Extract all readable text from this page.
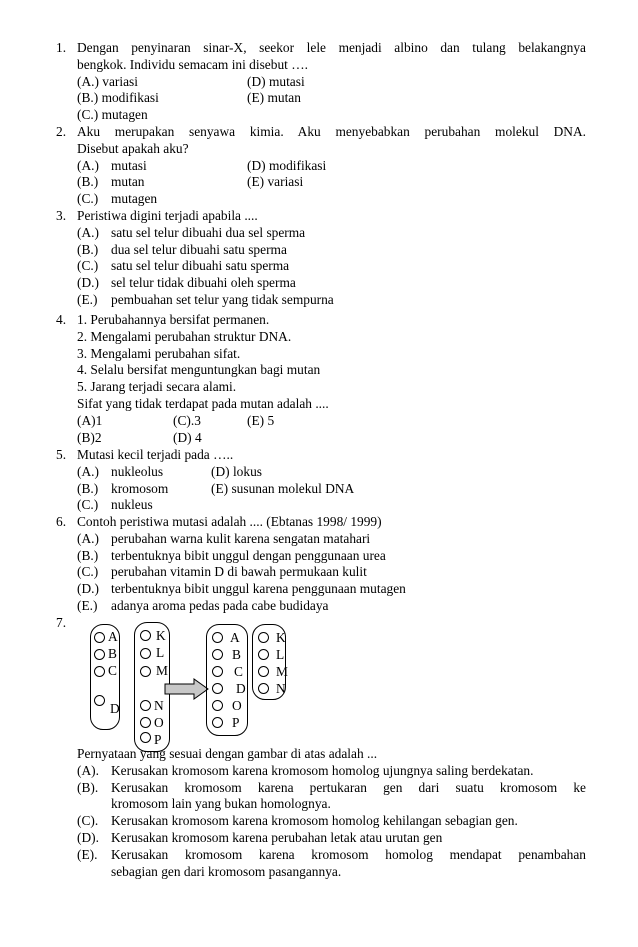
1. Dengan penyinaran sinar-X, seekor lele menjadi albino dan tulang belakangnya
bengkok. Individu semacam ini disebut ….
(A.) variasi	(D) mutasi
(B.) modifikasi	(E) mutan
(C.) mutagen
2. Aku merupakan senyawa kimia. Aku menyebabkan perubahan molekul DNA.
Disebut apakah aku?
(A.) mutasi	(D) modifikasi
(B.) mutan	(E) variasi
(C.) mutagen
3. Peristiwa digini terjadi apabila ....
(A.) satu sel telur dibuahi dua sel sperma
(B.) dua sel telur dibuahi satu sperma
(C.) satu sel telur dibuahi satu sperma
(D.) sel telur tidak dibuahi oleh sperma
(E.) pembuahan set telur yang tidak sempurna
4. 1. Perubahannya bersifat permanen.
2. Mengalami perubahan struktur DNA.
3. Mengalami perubahan sifat.
4. Selalu bersifat menguntungkan bagi mutan
5. Jarang terjadi secara alami.
Sifat yang tidak terdapat pada mutan adalah ....
(A)1	(C).3	(E) 5
(B)2	(D) 4
5. Mutasi kecil terjadi pada …..
(A.) nukleolus	(D) lokus
(B.) kromosom	(E) susunan molekul DNA
(C.) nukleus
6. Contoh peristiwa mutasi adalah .... (Ebtanas 1998/ 1999)
(A.) perubahan warna kulit karena sengatan matahari
(B.) terbentuknya bibit unggul dengan penggunaan urea
(C.) perubahan vitamin D di bawah permukaan kulit
(D.) terbentuknya bibit unggul karena penggunaan mutagen
(E.) adanya aroma pedas pada cabe budidaya
7.
A
B
C
D
K
L
M
N
O
P
A
B
C
D
O
P
K
L
M
N
Pernyataan yang sesuai dengan gambar di atas adalah ...
(A). Kerusakan kromosom karena kromosom homolog ujungnya saling berdekatan.
(B). Kerusakan kromosom karena pertukaran gen dari suatu kromosom ke
kromosom lain yang bukan homolognya.
(C). Kerusakan kromosom karena kromosom homolog kehilangan sebagian gen.
(D). Kerusakan kromosom karena perubahan letak atau urutan gen
(E).	Kerusakan kromosom karena kromosom homolog mendapat penambahan
sebagian gen dari kromosom pasangannya.
